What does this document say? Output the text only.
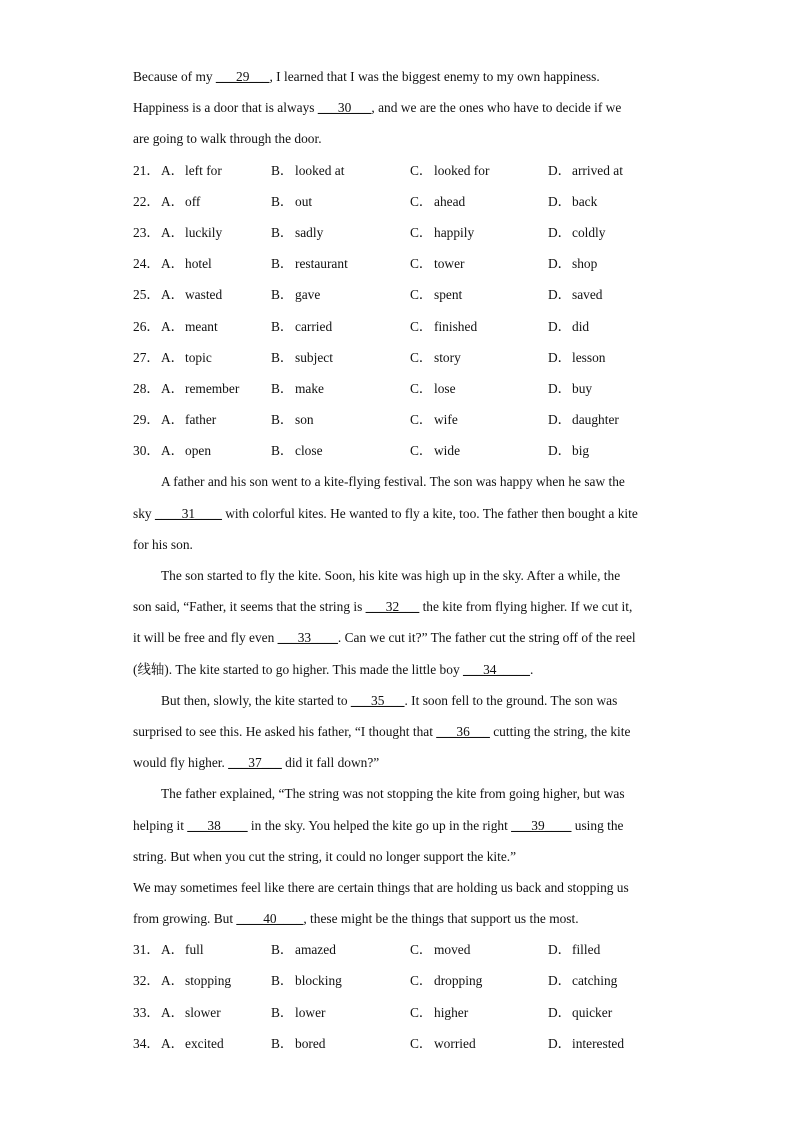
Because of my ___29___, I learned that I was the biggest enemy to my own happiness.
Happiness is a door that is always ___30___, and we are the ones who have to decide if we
are going to walk through the door.
21． A． left for	B． looked at	C． looked for	D． arrived at
22． A． off	B． out	C． ahead	D． back
23． A． luckily	B． sadly	C． happily	D． coldly
24． A． hotel	B． restaurant	C． tower	D． shop
25． A． wasted	B． gave	C． spent	D． saved
26． A． meant	B． carried	C． finished	D． did
27． A． topic	B． subject	C． story	D． lesson
28． A． remember B． make	C． lose	D． buy
29． A． father	B． son	C． wife	D． daughter
30． A． open	B． close	C． wide	D． big
A father and his son went to a kite-flying festival. The son was happy when he saw the
sky ____31____ with colorful kites. He wanted to fly a kite, too. The father then bought a kite
for his son.
The son started to fly the kite. Soon, his kite was high up in the sky. After a while, the
son said, “Father, it seems that the string is ___32___ the kite from flying higher. If we cut it,
it will be free and fly even ___33____. Can we cut it?” The father cut the string off of the reel
(线轴). The kite started to go higher. This made the little boy ___34_____.
But then, slowly, the kite started to ___35___. It soon fell to the ground. The son was
surprised to see this. He asked his father, “I thought that ___36___ cutting the string, the kite
would fly higher. ___37___ did it fall down?”
The father explained, “The string was not stopping the kite from going higher, but was
helping it ___38____ in the sky. You helped the kite go up in the right ___39____ using the
string. But when you cut the string, it could no longer support the kite.”
We may sometimes feel like there are certain things that are holding us back and stopping us
from growing. But ____40____, these might be the things that support us the most.
31． A． full	B． amazed	C． moved	D． filled
32． A． stopping	B． blocking	C． dropping	D． catching
33． A． slower	B． lower	C． higher	D． quicker
34． A． excited	B． bored	C． worried	D． interested
